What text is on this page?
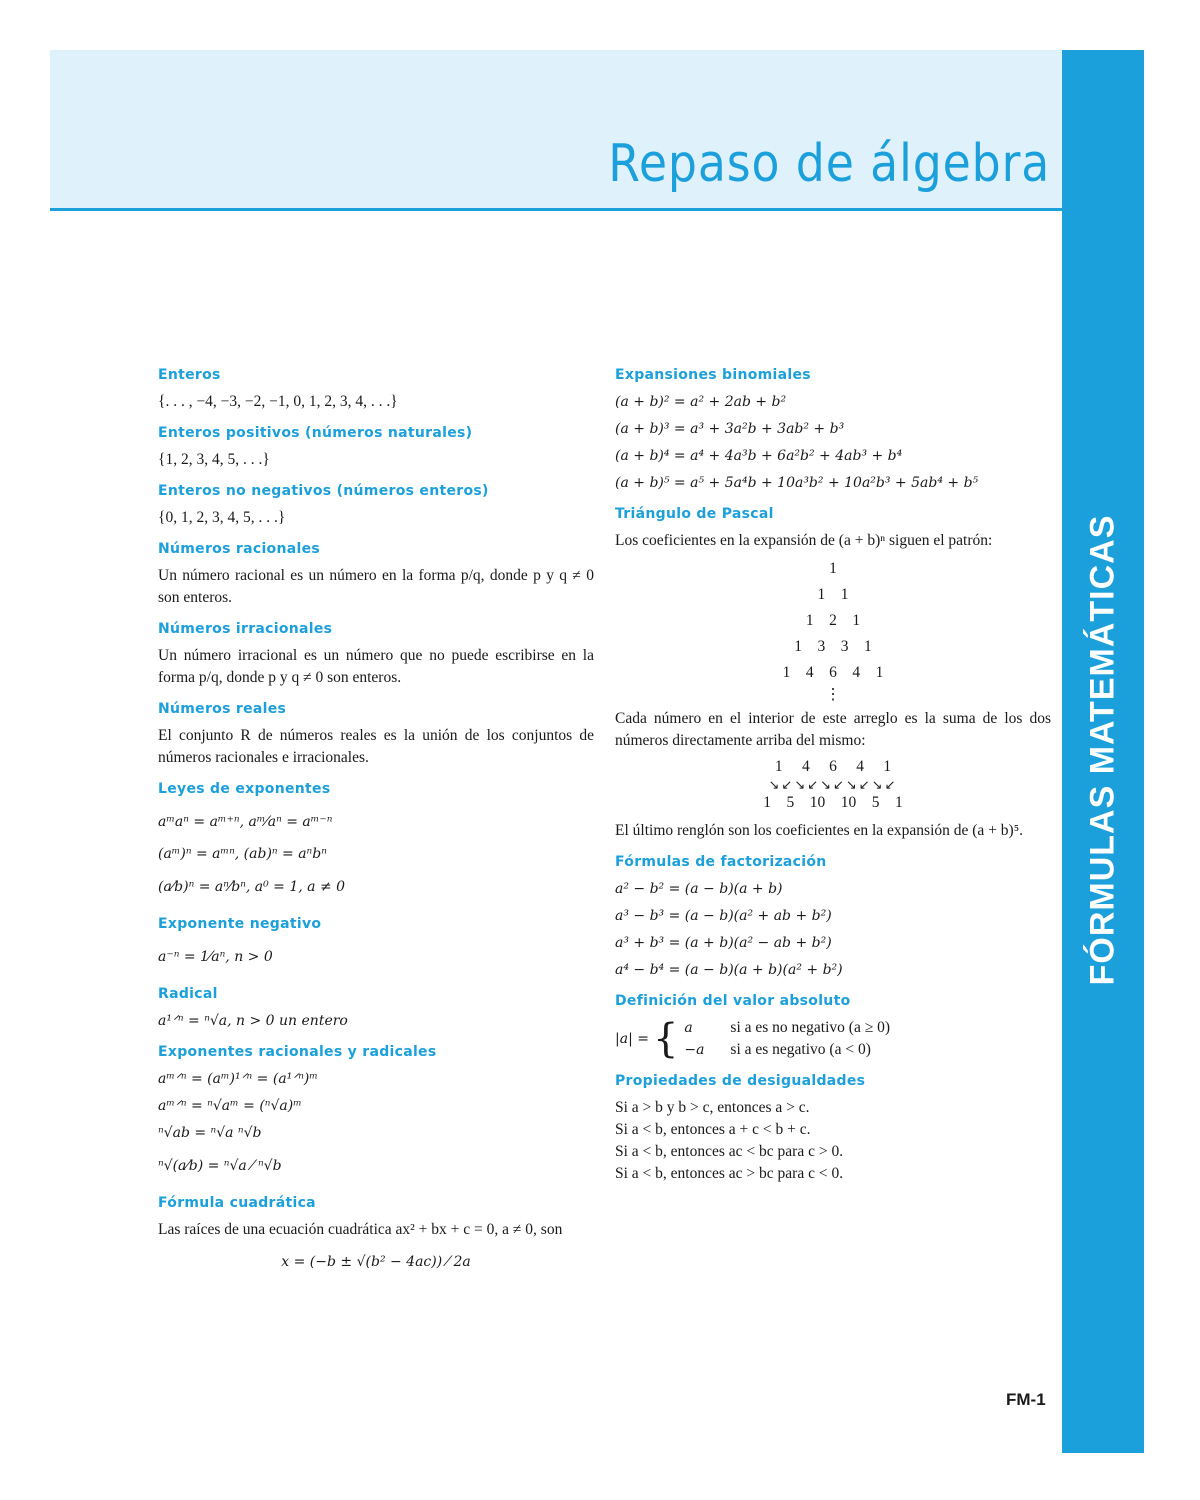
Repaso de álgebra
FÓRMULAS MATEMÁTICAS
Enteros
{. . . , −4, −3, −2, −1, 0, 1, 2, 3, 4, . . .}
Enteros positivos (números naturales)
{1, 2, 3, 4, 5, . . .}
Enteros no negativos (números enteros)
{0, 1, 2, 3, 4, 5, . . .}
Números racionales
Un número racional es un número en la forma p/q, donde p y q ≠ 0 son enteros.
Números irracionales
Un número irracional es un número que no puede escribirse en la forma p/q, donde p y q ≠ 0 son enteros.
Números reales
El conjunto R de números reales es la unión de los conjuntos de números racionales e irracionales.
Leyes de exponentes
aᵐaⁿ = aᵐ⁺ⁿ, aᵐ⁄aⁿ = aᵐ⁻ⁿ
(aᵐ)ⁿ = aᵐⁿ, (ab)ⁿ = aⁿbⁿ
(a⁄b)ⁿ = aⁿ⁄bⁿ, a⁰ = 1, a ≠ 0
Exponente negativo
a⁻ⁿ = 1⁄aⁿ, n > 0
Radical
a¹ᐟⁿ = ⁿ√a, n > 0 un entero
Exponentes racionales y radicales
aᵐᐟⁿ = (aᵐ)¹ᐟⁿ = (a¹ᐟⁿ)ᵐ
aᵐᐟⁿ = ⁿ√aᵐ = (ⁿ√a)ᵐ
ⁿ√ab = ⁿ√a ⁿ√b
ⁿ√(a⁄b) = ⁿ√a ⁄ ⁿ√b
Fórmula cuadrática
Las raíces de una ecuación cuadrática ax² + bx + c = 0, a ≠ 0, son
x = (−b ± √(b² − 4ac)) ⁄ 2a
Expansiones binomiales
(a + b)² = a² + 2ab + b²
(a + b)³ = a³ + 3a²b + 3ab² + b³
(a + b)⁴ = a⁴ + 4a³b + 6a²b² + 4ab³ + b⁴
(a + b)⁵ = a⁵ + 5a⁴b + 10a³b² + 10a²b³ + 5ab⁴ + b⁵
Triángulo de Pascal
Los coeficientes en la expansión de (a + b)ⁿ siguen el patrón:
1
1    1
1    2    1
1    3    3    1
1    4    6    4    1
⋮
Cada número en el interior de este arreglo es la suma de los dos números directamente arriba del mismo:
1     4     6     4     1
↘↙↘↙↘↙↘↙↘↙
1    5    10    10    5    1
El último renglón son los coeficientes en la expansión de (a + b)⁵.
Fórmulas de factorización
a² − b² = (a − b)(a + b)
a³ − b³ = (a − b)(a² + ab + b²)
a³ + b³ = (a + b)(a² − ab + b²)
a⁴ − b⁴ = (a − b)(a + b)(a² + b²)
Definición del valor absoluto
|a| = { a si a es no negativo (a ≥ 0)
−a si a es negativo (a < 0)
Propiedades de desigualdades
Si a > b y b > c, entonces a > c.
Si a < b, entonces a + c < b + c.
Si a < b, entonces ac < bc para c > 0.
Si a < b, entonces ac > bc para c < 0.
FM-1
